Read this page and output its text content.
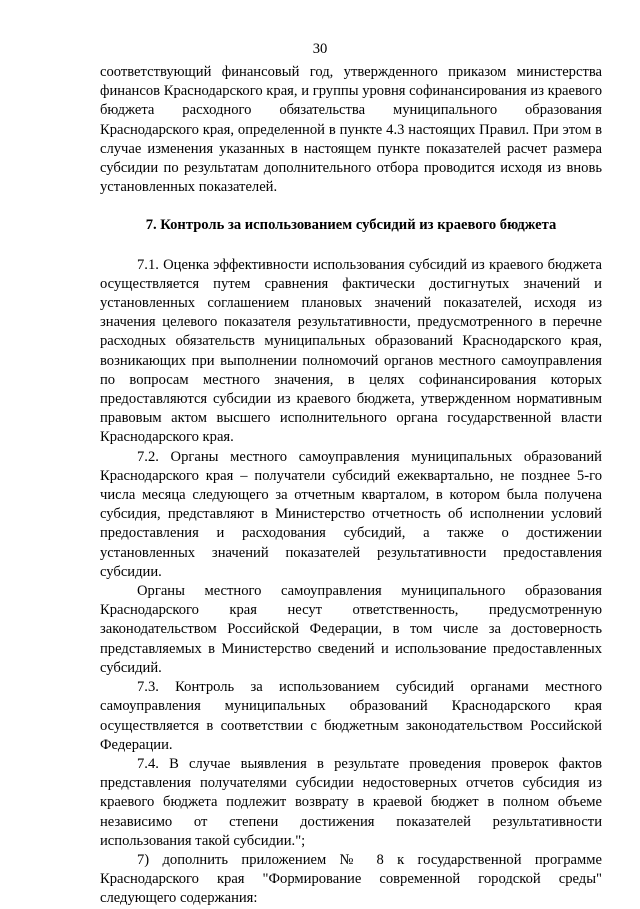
30

соответствующий финансовый год, утвержденного приказом министерства финансов Краснодарского края, и группы уровня софинансирования из краевого бюджета расходного обязательства муниципального образования Краснодарского края, определенной в пункте 4.3 настоящих Правил. При этом в случае изменения указанных в настоящем пункте показателей расчет размера субсидии по результатам дополнительного отбора проводится исходя из вновь установленных показателей.

7. Контроль за использованием субсидий из краевого бюджета

7.1. Оценка эффективности использования субсидий из краевого бюджета осуществляется путем сравнения фактически достигнутых значений и установленных соглашением плановых значений показателей, исходя из значения целевого показателя результативности, предусмотренного в перечне расходных обязательств муниципальных образований Краснодарского края, возникающих при выполнении полномочий органов местного самоуправления по вопросам местного значения, в целях софинансирования которых предоставляются субсидии из краевого бюджета, утвержденном нормативным правовым актом высшего исполнительного органа государственной власти Краснодарского края.

7.2. Органы местного самоуправления муниципальных образований Краснодарского края – получатели субсидий ежеквартально, не позднее 5-го числа месяца следующего за отчетным кварталом, в котором была получена субсидия, представляют в Министерство отчетность об исполнении условий предоставления и расходования субсидий, а также о достижении установленных значений показателей результативности предоставления субсидии.

Органы местного самоуправления муниципального образования Краснодарского края несут ответственность, предусмотренную законодательством Российской Федерации, в том числе за достоверность представляемых в Министерство сведений и использование предоставленных субсидий.

7.3. Контроль за использованием субсидий органами местного самоуправления муниципальных образований Краснодарского края осуществляется в соответствии с бюджетным законодательством Российской Федерации.

7.4. В случае выявления в результате проведения проверок фактов представления получателями субсидии недостоверных отчетов субсидия из краевого бюджета подлежит возврату в краевой бюджет в полном объеме независимо от степени достижения показателей результативности использования такой субсидии.";

7) дополнить приложением № 8 к государственной программе Краснодарского края "Формирование современной городской среды" следующего содержания:
